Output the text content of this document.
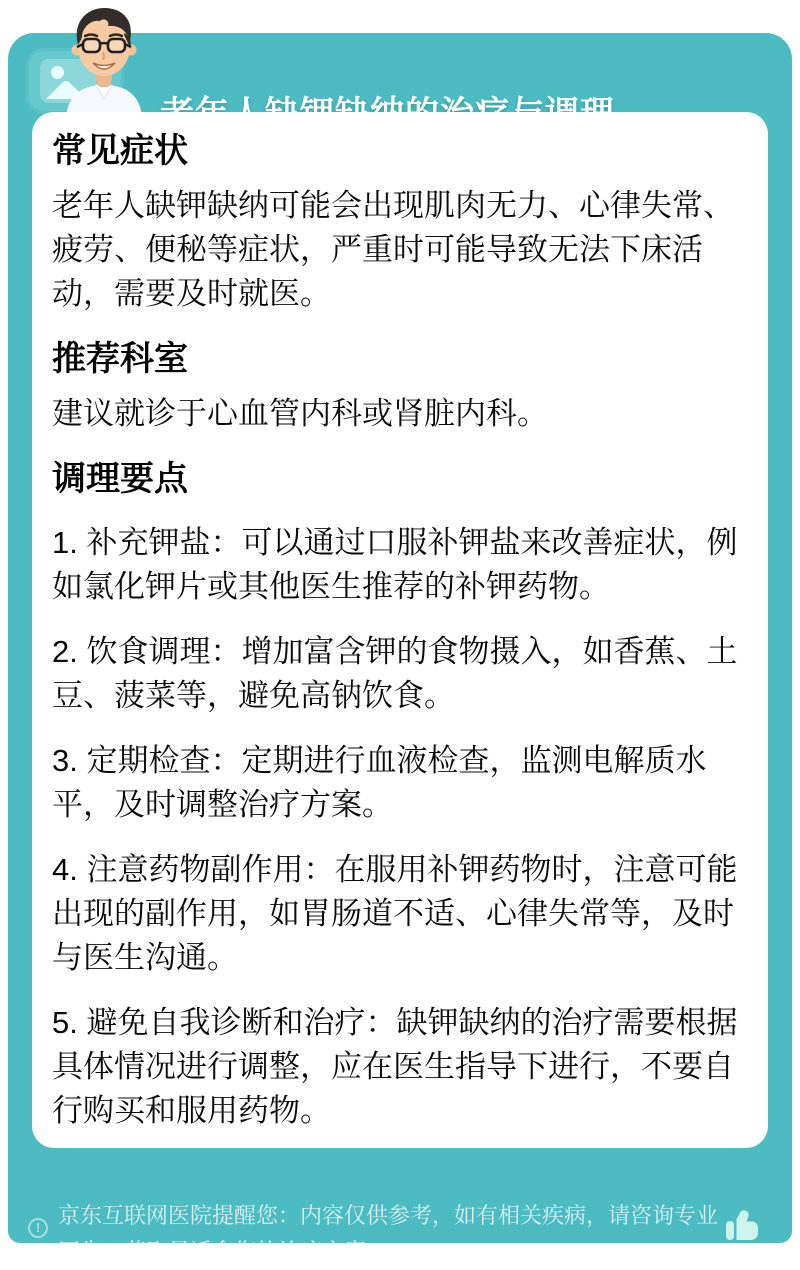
常见症状

老年人缺钾缺纳可能会出现肌肉无力、心律失常、疲劳、便秘等症状，严重时可能导致无法下床活动，需要及时就医。

推荐科室

建议就诊于心血管内科或肾脏内科。

调理要点

1. 补充钾盐：可以通过口服补钾盐来改善症状，例如氯化钾片或其他医生推荐的补钾药物。

2. 饮食调理：增加富含钾的食物摄入，如香蕉、土豆、菠菜等，避免高钠饮食。

3. 定期检查：定期进行血液检查，监测电解质水平，及时调整治疗方案。

4. 注意药物副作用：在服用补钾药物时，注意可能出现的副作用，如胃肠道不适、心律失常等，及时与医生沟通。

5. 避免自我诊断和治疗：缺钾缺纳的治疗需要根据具体情况进行调整，应在医生指导下进行，不要自行购买和服用药物。

! 京东互联网医院提醒您：内容仅供参考，如有相关疾病，请咨询专业医生，获取最适合您的治疗方案
